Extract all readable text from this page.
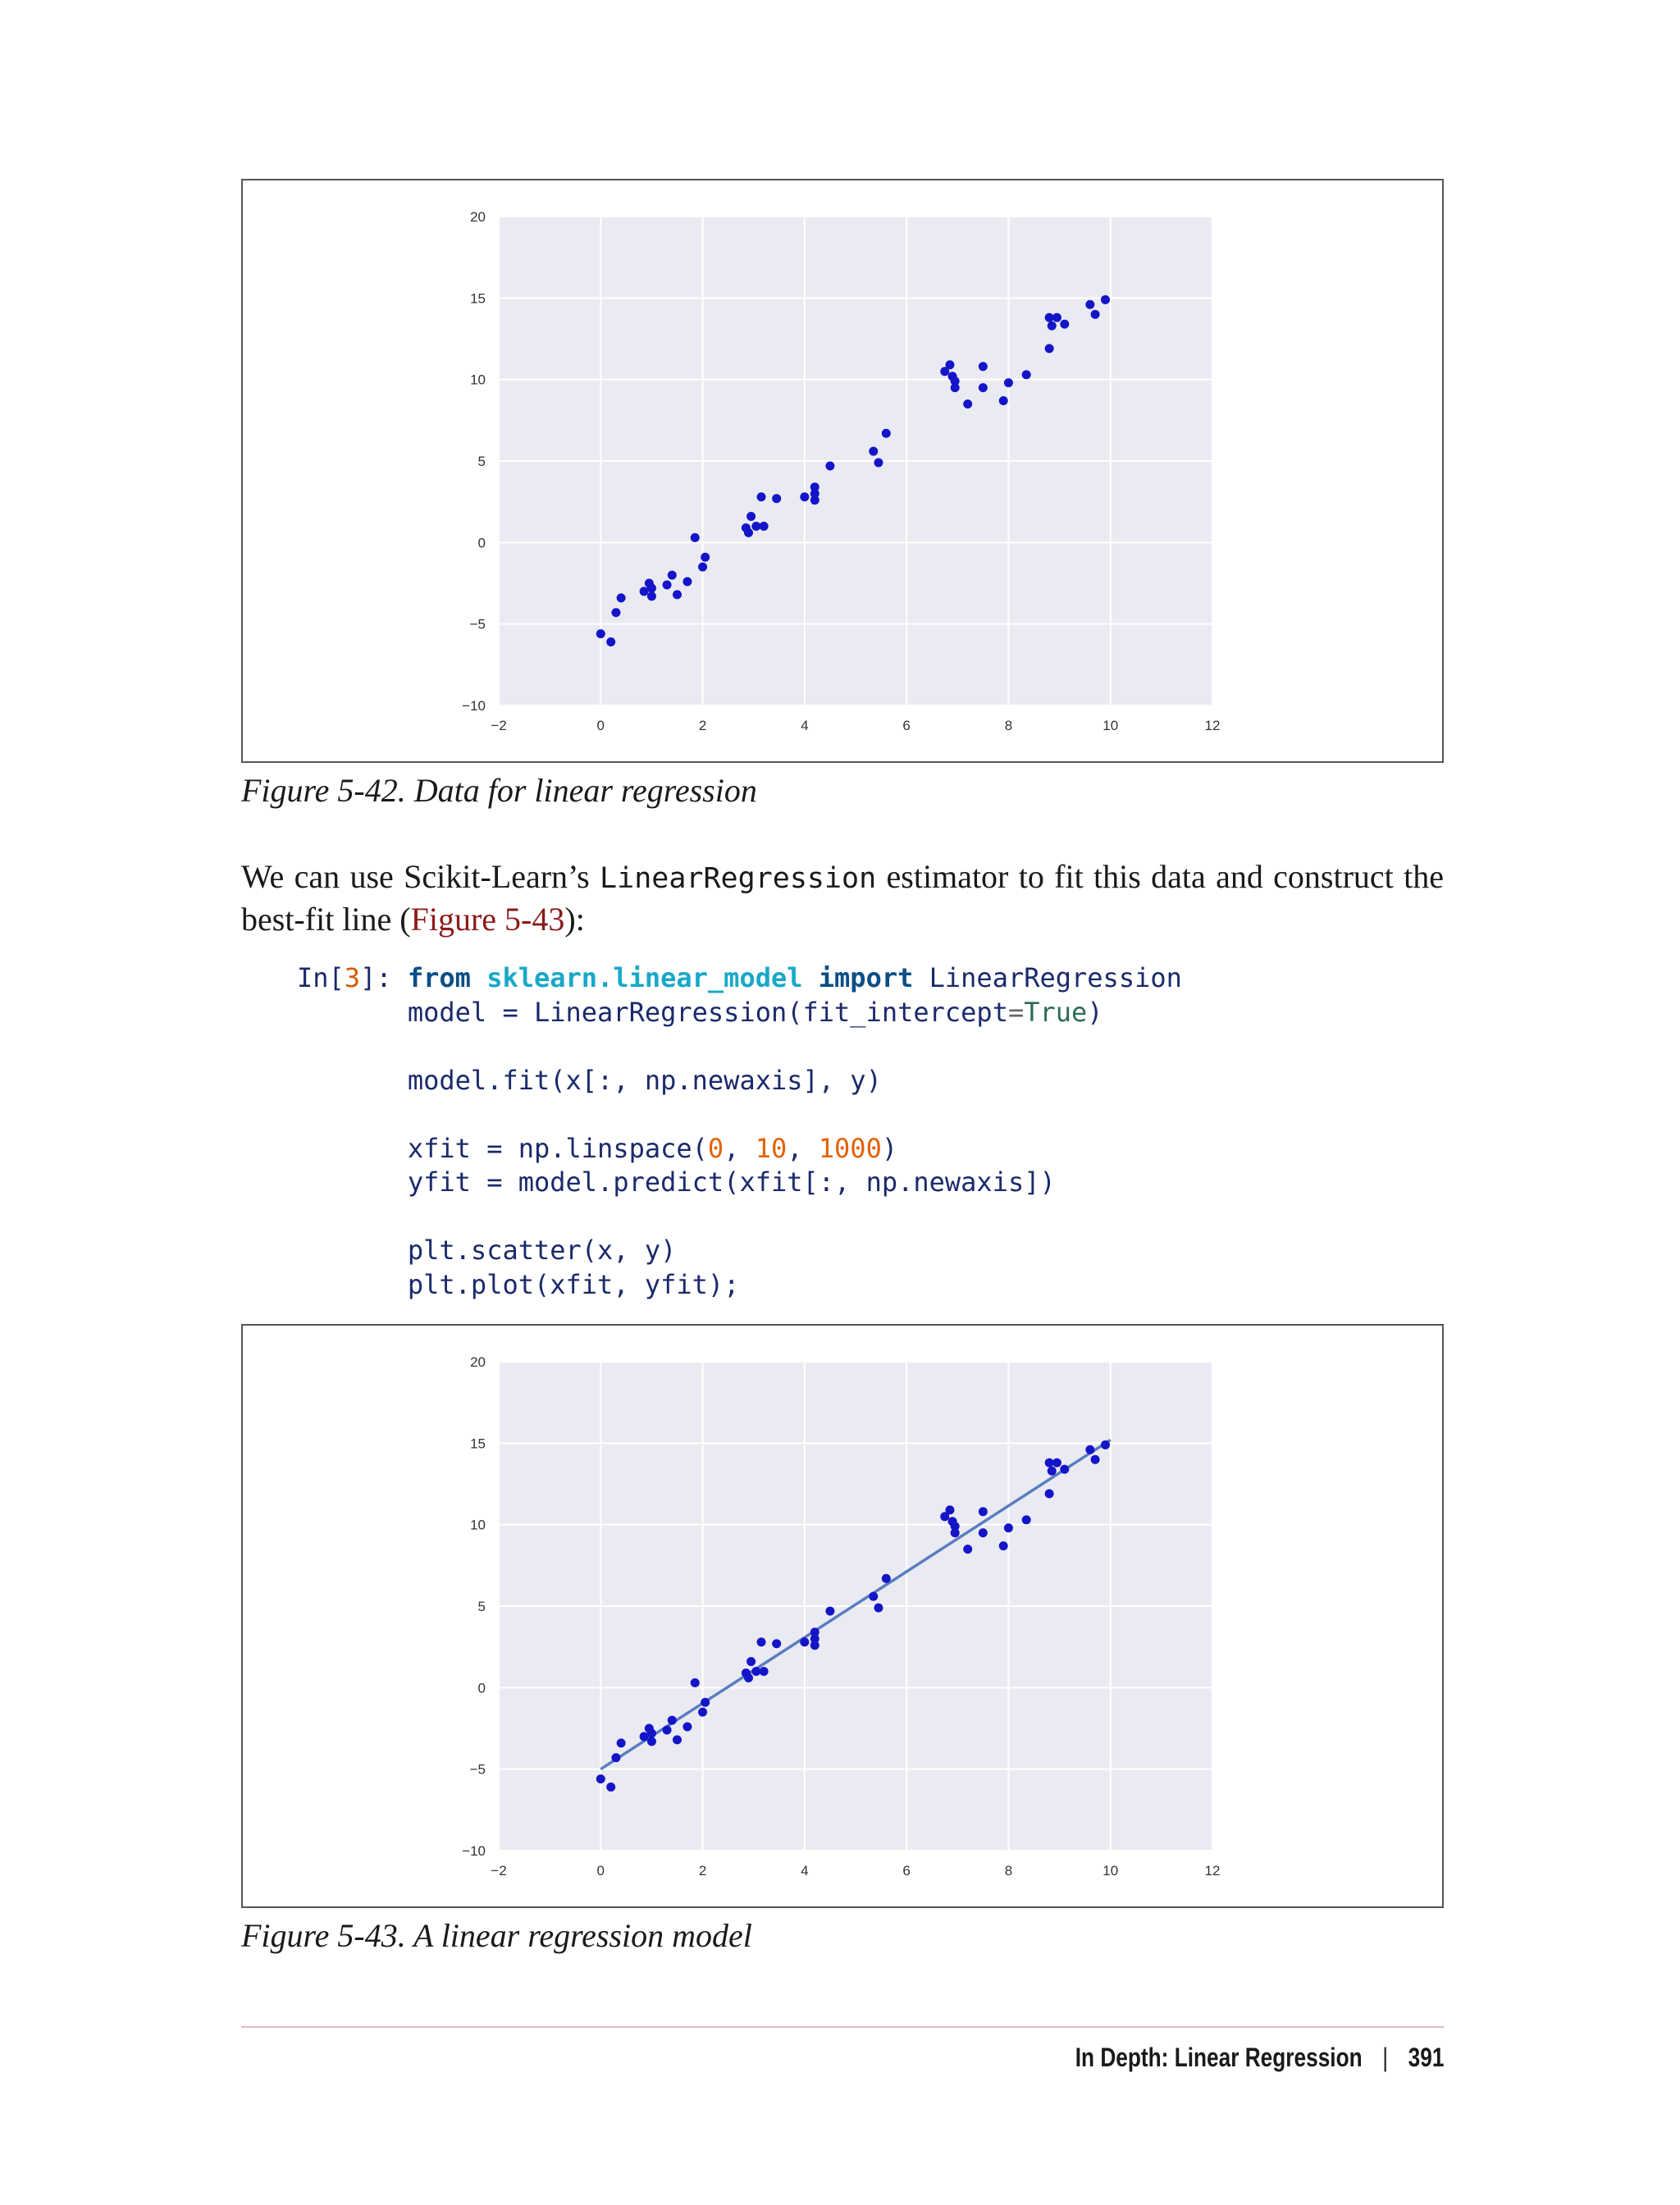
−2	0	2	4	6	8	10	12
−10
−5
0
5
10
15
20
Figure 5-42. Data for linear regression
We can use Scikit-Learn’s LinearRegression estimator to fit this data and construct the best-fit line (Figure 5-43):
In[3]: from sklearn.linear_model import LinearRegression
model = LinearRegression(fit_intercept=True)

model.fit(x[:, np.newaxis], y)

xfit = np.linspace(0, 10, 1000)
yfit = model.predict(xfit[:, np.newaxis])

plt.scatter(x, y)
plt.plot(xfit, yfit);
−2	0	2	4	6	8	10	12
−10
−5
0
5
10
15
20
Figure 5-43. A linear regression model
In Depth: Linear Regression | 391
